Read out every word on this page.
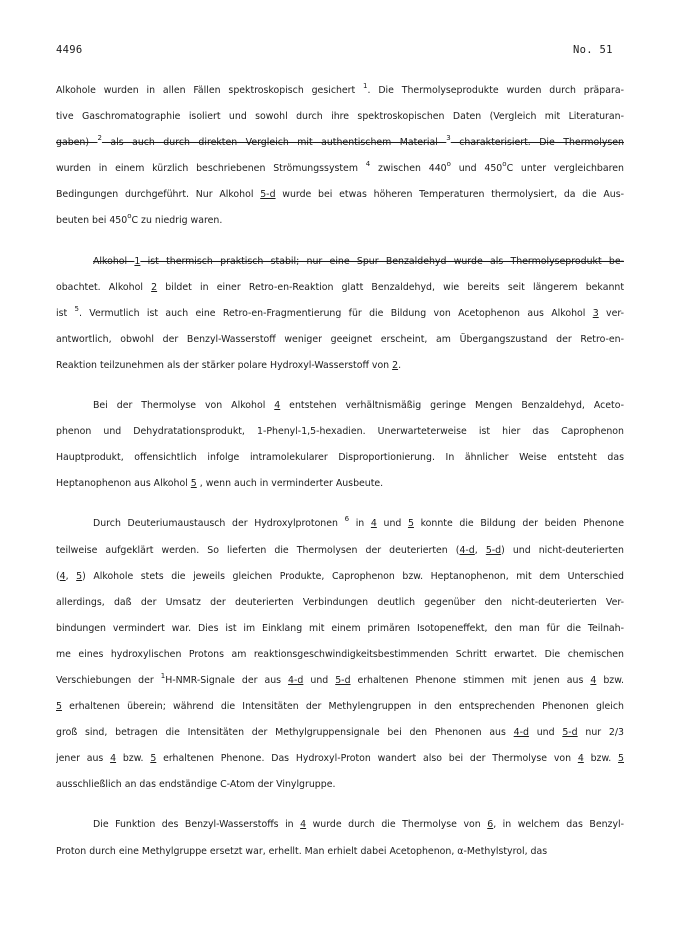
4496	No. 51
Alkohole wurden in allen Fällen spektroskopisch gesichert $^1$. Die Thermolyseprodukte wurden durch präpara-
tive Gaschromatographie isoliert und sowohl durch ihre spektroskopischen Daten (Vergleich mit Literaturan-
gaben) $^2$ als auch durch direkten Vergleich mit authentischem Material $^3$ charakterisiert. Die Thermolysen
wurden in einem kürzlich beschriebenen Strömungssystem $^4$ zwischen 440$^o$ und 450$^o$C unter vergleichbaren
Bedingungen durchgeführt. Nur Alkohol 5-d wurde bei etwas höheren Temperaturen thermolysiert, da die Aus-
beuten bei 450$^o$C zu niedrig waren.
Alkohol 1 ist thermisch praktisch stabil; nur eine Spur Benzaldehyd wurde als Thermolyseprodukt be-
obachtet. Alkohol 2 bildet in einer Retro-en-Reaktion glatt Benzaldehyd, wie bereits seit längerem bekannt
ist $^5$. Vermutlich ist auch eine Retro-en-Fragmentierung für die Bildung von Acetophenon aus Alkohol 3 ver-
antwortlich, obwohl der Benzyl-Wasserstoff weniger geeignet erscheint, am Übergangszustand der Retro-en-
Reaktion teilzunehmen als der stärker polare Hydroxyl-Wasserstoff von 2.
Bei der Thermolyse von Alkohol 4 entstehen verhältnismäßig geringe Mengen Benzaldehyd, Aceto-
phenon und Dehydratationsprodukt, 1-Phenyl-1,5-hexadien. Unerwarteterweise ist hier das Caprophenon
Hauptprodukt, offensichtlich infolge intramolekularer Disproportionierung. In ähnlicher Weise entsteht das
Heptanophenon aus Alkohol 5 , wenn auch in verminderter Ausbeute.
Durch Deuteriumaustausch der Hydroxylprotonen $^6$ in 4 und 5 konnte die Bildung der beiden Phenone
teilweise aufgeklärt werden. So lieferten die Thermolysen der deuterierten (4-d, 5-d) und nicht-deuterierten
(4, 5) Alkohole stets die jeweils gleichen Produkte, Caprophenon bzw. Heptanophenon, mit dem Unterschied
allerdings, daß der Umsatz der deuterierten Verbindungen deutlich gegenüber den nicht-deuterierten Ver-
bindungen vermindert war. Dies ist im Einklang mit einem primären Isotopeneffekt, den man für die Teilnah-
me eines hydroxylischen Protons am reaktionsgeschwindigkeitsbestimmenden Schritt erwartet. Die chemischen
Verschiebungen der $^1$H-NMR-Signale der aus 4-d und 5-d erhaltenen Phenone stimmen mit jenen aus 4 bzw.
5 erhaltenen überein; während die Intensitäten der Methylengruppen in den entsprechenden Phenonen gleich
groß sind, betragen die Intensitäten der Methylgruppensignale bei den Phenonen aus 4-d und 5-d nur 2/3
jener aus 4 bzw. 5 erhaltenen Phenone. Das Hydroxyl-Proton wandert also bei der Thermolyse von 4 bzw. 5
ausschließlich an das endständige C-Atom der Vinylgruppe.
Die Funktion des Benzyl-Wasserstoffs in 4 wurde durch die Thermolyse von 6, in welchem das Benzyl-
Proton durch eine Methylgruppe ersetzt war, erhellt. Man erhielt dabei Acetophenon, α-Methylstyrol, das
